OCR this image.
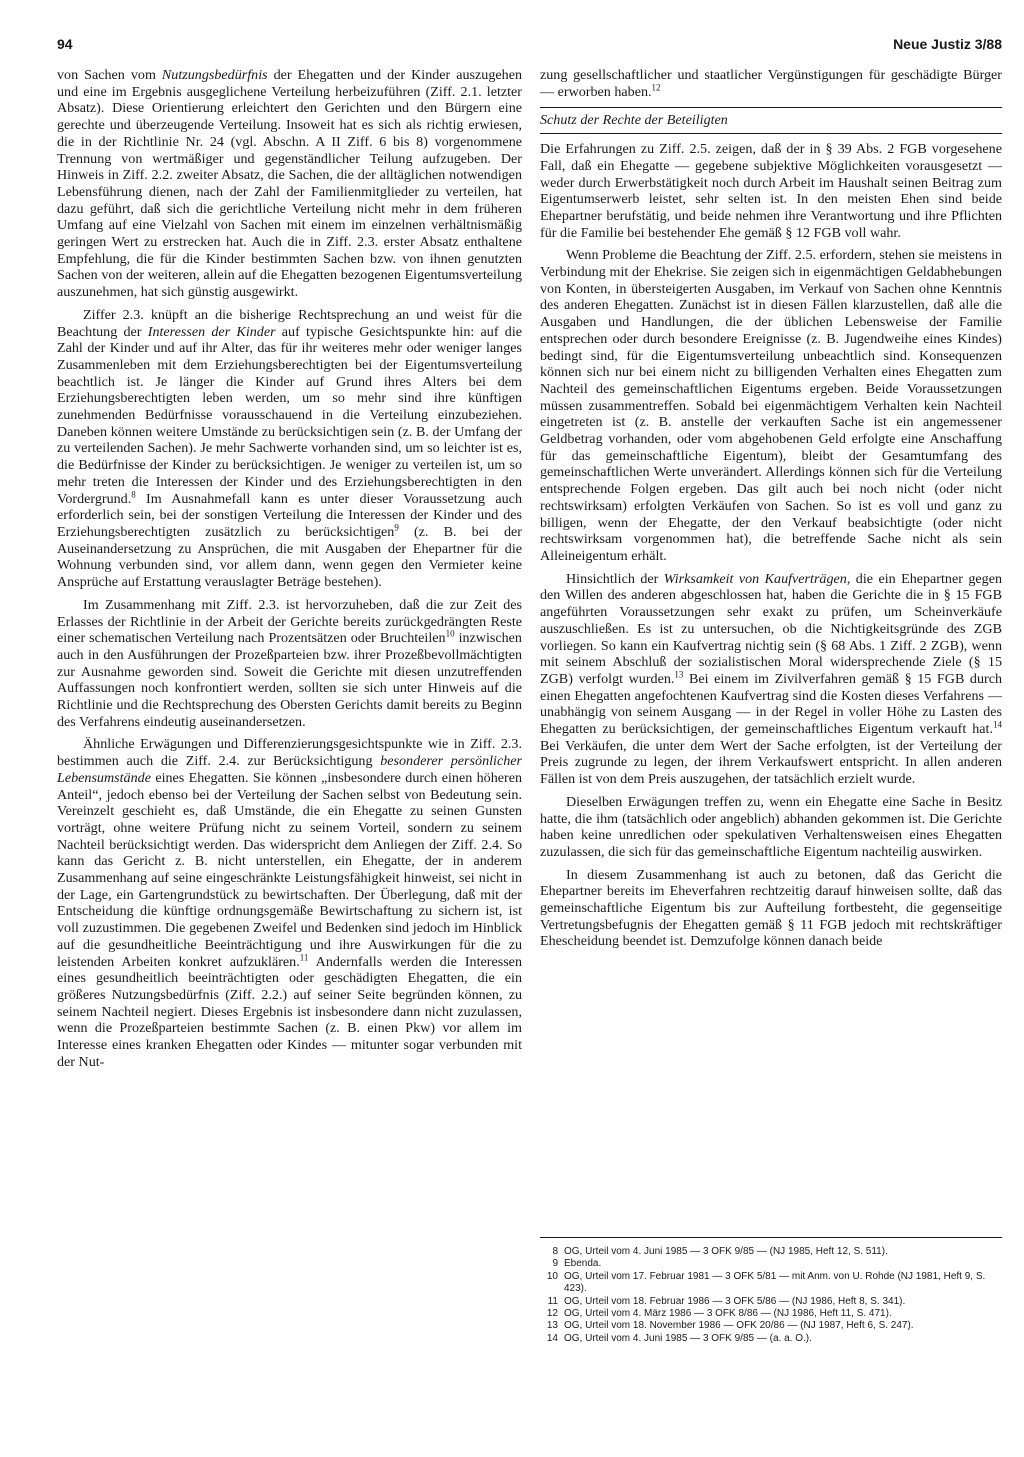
94	Neue Justiz 3/88

von Sachen vom Nutzungsbedürfnis der Ehegatten und der Kinder auszugehen und eine im Ergebnis ausgeglichene Verteilung herbeizuführen (Ziff. 2.1. letzter Absatz). Diese Orientierung erleichtert den Gerichten und den Bürgern eine gerechte und überzeugende Verteilung. Insoweit hat es sich als richtig erwiesen, die in der Richtlinie Nr. 24 (vgl. Abschn. A II Ziff. 6 bis 8) vorgenommene Trennung von wertmäßiger und gegenständlicher Teilung aufzugeben. Der Hinweis in Ziff. 2.2. zweiter Absatz, die Sachen, die der alltäglichen notwendigen Lebensführung dienen, nach der Zahl der Familienmitglieder zu verteilen, hat dazu geführt, daß sich die gerichtliche Verteilung nicht mehr in dem früheren Umfang auf eine Vielzahl von Sachen mit einem im einzelnen verhältnismäßig geringen Wert zu erstrecken hat. Auch die in Ziff. 2.3. erster Absatz enthaltene Empfehlung, die für die Kinder bestimmten Sachen bzw. von ihnen genutzten Sachen von der weiteren, allein auf die Ehegatten bezogenen Eigentumsverteilung auszunehmen, hat sich günstig ausgewirkt.

Ziffer 2.3. knüpft an die bisherige Rechtsprechung an und weist für die Beachtung der Interessen der Kinder auf typische Gesichtspunkte hin: auf die Zahl der Kinder und auf ihr Alter, das für ihr weiteres mehr oder weniger langes Zusammenleben mit dem Erziehungsberechtigten bei der Eigentumsverteilung beachtlich ist. Je länger die Kinder auf Grund ihres Alters bei dem Erziehungsberechtigten leben werden, um so mehr sind ihre künftigen zunehmenden Bedürfnisse vorausschauend in die Verteilung einzubeziehen. Daneben können weitere Umstände zu berücksichtigen sein (z. B. der Umfang der zu verteilenden Sachen). Je mehr Sachwerte vorhanden sind, um so leichter ist es, die Bedürfnisse der Kinder zu berücksichtigen. Je weniger zu verteilen ist, um so mehr treten die Interessen der Kinder und des Erziehungsberechtigten in den Vordergrund.$^8$ Im Ausnahmefall kann es unter dieser Voraussetzung auch erforderlich sein, bei der sonstigen Verteilung die Interessen der Kinder und des Erziehungsberechtigten zusätzlich zu berücksichtigen$^9$ (z. B. bei der Auseinandersetzung zu Ansprüchen, die mit Ausgaben der Ehepartner für die Wohnung verbunden sind, vor allem dann, wenn gegen den Vermieter keine Ansprüche auf Erstattung verauslagter Beträge bestehen).

Im Zusammenhang mit Ziff. 2.3. ist hervorzuheben, daß die zur Zeit des Erlasses der Richtlinie in der Arbeit der Gerichte bereits zurückgedrängten Reste einer schematischen Verteilung nach Prozentsätzen oder Bruchteilen$^{10}$ inzwischen auch in den Ausführungen der Prozeßparteien bzw. ihrer Prozeßbevollmächtigten zur Ausnahme geworden sind. Soweit die Gerichte mit diesen unzutreffenden Auffassungen noch konfrontiert werden, sollten sie sich unter Hinweis auf die Richtlinie und die Rechtsprechung des Obersten Gerichts damit bereits zu Beginn des Verfahrens eindeutig auseinandersetzen.

Ähnliche Erwägungen und Differenzierungsgesichtspunkte wie in Ziff. 2.3. bestimmen auch die Ziff. 2.4. zur Berücksichtigung besonderer persönlicher Lebensumstände eines Ehegatten. Sie können „insbesondere durch einen höheren Anteil“, jedoch ebenso bei der Verteilung der Sachen selbst von Bedeutung sein. Vereinzelt geschieht es, daß Umstände, die ein Ehegatte zu seinen Gunsten vorträgt, ohne weitere Prüfung nicht zu seinem Vorteil, sondern zu seinem Nachteil berücksichtigt werden. Das widerspricht dem Anliegen der Ziff. 2.4. So kann das Gericht z. B. nicht unterstellen, ein Ehegatte, der in anderem Zusammenhang auf seine eingeschränkte Leistungsfähigkeit hinweist, sei nicht in der Lage, ein Gartengrundstück zu bewirtschaften. Der Überlegung, daß mit der Entscheidung die künftige ordnungsgemäße Bewirtschaftung zu sichern ist, ist voll zuzustimmen. Die gegebenen Zweifel und Bedenken sind jedoch im Hinblick auf die gesundheitliche Beeinträchtigung und ihre Auswirkungen für die zu leistenden Arbeiten konkret aufzuklären.$^{11}$ Andernfalls werden die Interessen eines gesundheitlich beeinträchtigten oder geschädigten Ehegatten, die ein größeres Nutzungsbedürfnis (Ziff. 2.2.) auf seiner Seite begründen können, zu seinem Nachteil negiert. Dieses Ergebnis ist insbesondere dann nicht zuzulassen, wenn die Prozeßparteien bestimmte Sachen (z. B. einen Pkw) vor allem im Interesse eines kranken Ehegatten oder Kindes — mitunter sogar verbunden mit der Nut-

zung gesellschaftlicher und staatlicher Vergünstigungen für geschädigte Bürger — erworben haben.$^{12}$

Schutz der Rechte der Beteiligten

Die Erfahrungen zu Ziff. 2.5. zeigen, daß der in § 39 Abs. 2 FGB vorgesehene Fall, daß ein Ehegatte — gegebene subjektive Möglichkeiten vorausgesetzt — weder durch Erwerbstätigkeit noch durch Arbeit im Haushalt seinen Beitrag zum Eigentumserwerb leistet, sehr selten ist. In den meisten Ehen sind beide Ehepartner berufstätig, und beide nehmen ihre Verantwortung und ihre Pflichten für die Familie bei bestehender Ehe gemäß § 12 FGB voll wahr.

Wenn Probleme die Beachtung der Ziff. 2.5. erfordern, stehen sie meistens in Verbindung mit der Ehekrise. Sie zeigen sich in eigenmächtigen Geldabhebungen von Konten, in übersteigerten Ausgaben, im Verkauf von Sachen ohne Kenntnis des anderen Ehegatten. Zunächst ist in diesen Fällen klarzustellen, daß alle die Ausgaben und Handlungen, die der üblichen Lebensweise der Familie entsprechen oder durch besondere Ereignisse (z. B. Jugendweihe eines Kindes) bedingt sind, für die Eigentumsverteilung unbeachtlich sind. Konsequenzen können sich nur bei einem nicht zu billigenden Verhalten eines Ehegatten zum Nachteil des gemeinschaftlichen Eigentums ergeben. Beide Voraussetzungen müssen zusammentreffen. Sobald bei eigenmächtigem Verhalten kein Nachteil eingetreten ist (z. B. anstelle der verkauften Sache ist ein angemessener Geldbetrag vorhanden, oder vom abgehobenen Geld erfolgte eine Anschaffung für das gemeinschaftliche Eigentum), bleibt der Gesamtumfang des gemeinschaftlichen Werte unverändert. Allerdings können sich für die Verteilung entsprechende Folgen ergeben. Das gilt auch bei noch nicht (oder nicht rechtswirksam) erfolgten Verkäufen von Sachen. So ist es voll und ganz zu billigen, wenn der Ehegatte, der den Verkauf beabsichtigte (oder nicht rechtswirksam vorgenommen hat), die betreffende Sache nicht als sein Alleineigentum erhält.

Hinsichtlich der Wirksamkeit von Kaufverträgen, die ein Ehepartner gegen den Willen des anderen abgeschlossen hat, haben die Gerichte die in § 15 FGB angeführten Voraussetzungen sehr exakt zu prüfen, um Scheinverkäufe auszuschließen. Es ist zu untersuchen, ob die Nichtigkeitsgründe des ZGB vorliegen. So kann ein Kaufvertrag nichtig sein (§ 68 Abs. 1 Ziff. 2 ZGB), wenn mit seinem Abschluß der sozialistischen Moral widersprechende Ziele (§ 15 ZGB) verfolgt wurden.$^{13}$ Bei einem im Zivilverfahren gemäß § 15 FGB durch einen Ehegatten angefochtenen Kaufvertrag sind die Kosten dieses Verfahrens — unabhängig von seinem Ausgang — in der Regel in voller Höhe zu Lasten des Ehegatten zu berücksichtigen, der gemeinschaftliches Eigentum verkauft hat.$^{14}$ Bei Verkäufen, die unter dem Wert der Sache erfolgten, ist der Verteilung der Preis zugrunde zu legen, der ihrem Verkaufswert entspricht. In allen anderen Fällen ist von dem Preis auszugehen, der tatsächlich erzielt wurde.

Dieselben Erwägungen treffen zu, wenn ein Ehegatte eine Sache in Besitz hatte, die ihm (tatsächlich oder angeblich) abhanden gekommen ist. Die Gerichte haben keine unredlichen oder spekulativen Verhaltensweisen eines Ehegatten zuzulassen, die sich für das gemeinschaftliche Eigentum nachteilig auswirken.

In diesem Zusammenhang ist auch zu betonen, daß das Gericht die Ehepartner bereits im Eheverfahren rechtzeitig darauf hinweisen sollte, daß das gemeinschaftliche Eigentum bis zur Aufteilung fortbesteht, die gegenseitige Vertretungsbefugnis der Ehegatten gemäß § 11 FGB jedoch mit rechtskräftiger Ehescheidung beendet ist. Demzufolge können danach beide

8 OG, Urteil vom 4. Juni 1985 — 3 OFK 9/85 — (NJ 1985, Heft 12, S. 511).
9 Ebenda.
10 OG, Urteil vom 17. Februar 1981 — 3 OFK 5/81 — mit Anm. von U. Rohde (NJ 1981, Heft 9, S. 423).
11 OG, Urteil vom 18. Februar 1986 — 3 OFK 5/86 — (NJ 1986, Heft 8, S. 341).
12 OG, Urteil vom 4. März 1986 — 3 OFK 8/86 — (NJ 1986, Heft 11, S. 471).
13 OG, Urteil vom 18. November 1986 — OFK 20/86 — (NJ 1987, Heft 6, S. 247).
14 OG, Urteil vom 4. Juni 1985 — 3 OFK 9/85 — (a. a. O.).
